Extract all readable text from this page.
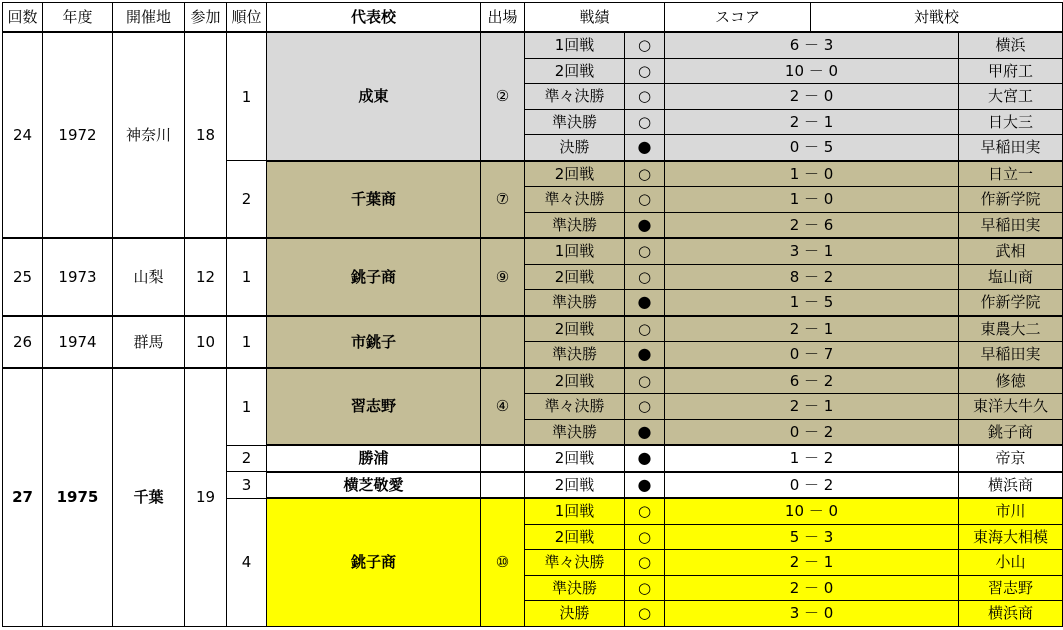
回数	年度	開催地	参加	順位	代表校	出場	戦績		スコア	対戦校		
24	1972	神奈川	18	1	成東	②	1回戦	○	6 － 3		横浜	
							2回戦	○	10 － 0		甲府工	
							準々決勝	○	2 － 0		大宮工	
							準決勝	○	2 － 1		日大三	
							決勝	●	0 － 5		早稲田実	
				2	千葉商	⑦	2回戦	○	1 － 0		日立一	
							準々決勝	○	1 － 0		作新学院	
							準決勝	●	2 － 6		早稲田実	
25	1973	山梨	12	1	銚子商	⑨	1回戦	○	3 － 1		武相	
							2回戦	○	8 － 2		塩山商	
							準決勝	●	1 － 5		作新学院	
26	1974	群馬	10	1	市銚子		2回戦	○	2 － 1		東農大二	
							準決勝	●	0 － 7		早稲田実	
27	1975	千葉	19	1	習志野	④	2回戦	○	6 － 2		修徳	
							準々決勝	○	2 － 1		東洋大牛久	
							準決勝	●	0 － 2		銚子商	
				2	勝浦		2回戦	●	1 － 2		帝京	
				3	横芝敬愛		2回戦	●	0 － 2		横浜商	
				4	銚子商	⑩	1回戦	○	10 － 0		市川	
							2回戦	○	5 － 3		東海大相模	
							準々決勝	○	2 － 1		小山	
							準決勝	○	2 － 0		習志野	
							決勝	○	3 － 0		横浜商	
